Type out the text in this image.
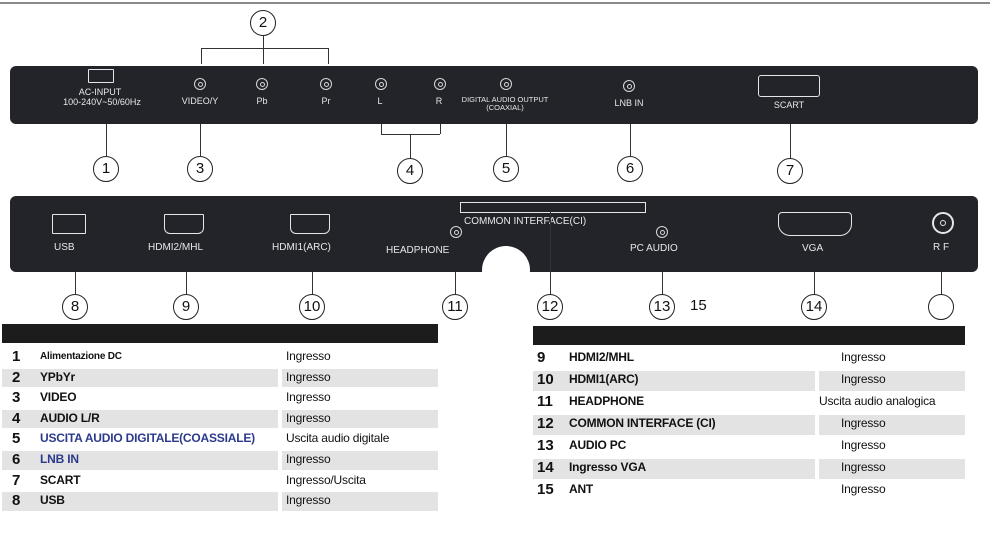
AC-INPUT
100-240V~50/60Hz	VIDEO/Y	Pb	Pr	L	R	DIGITAL AUDIO OUTPUT
(COAXIAL)	LNB IN	SCART
2
1	3	4	5	6	7
USB	HDMI2/MHL	HDMI1(ARC)	HEADPHONE
COMMON INTERFACE(CI)
PC AUDIO	VGA	R F
8	9	10	11	12	13	15	14
1 Alimentazione DC	Ingresso
2 YPbYr	Ingresso
3 VIDEO	Ingresso
4 AUDIO L/R	Ingresso
5 USCITA AUDIO DIGITALE(COASSIALE)	Uscita audio digitale
6 LNB IN	Ingresso
7 SCART	Ingresso/Uscita
8 USB	Ingresso
9 HDMI2/MHL	Ingresso
10 HDMI1(ARC)	Ingresso
11 HEADPHONE	Uscita audio analogica
12 COMMON INTERFACE (CI)	Ingresso
13 AUDIO PC	Ingresso
14 Ingresso VGA	Ingresso
15 ANT	Ingresso
